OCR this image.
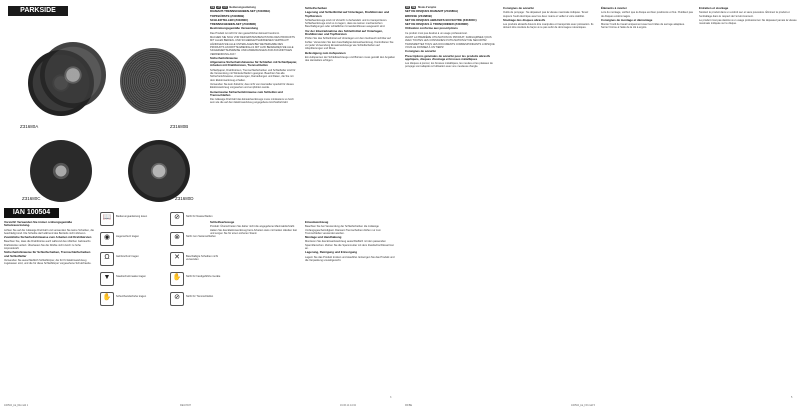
PARKSIDE
Z31680A	Z31680B
Z31680C	Z31680D
IAN 100504
DE AT CH Bedienungsanleitung
DIAMANT-TRENNSCHEIBEN-SET (Z31680A)
TOPFBÜRSTE (Z31680B)
SCHLEIFTELLER (Z31680C)
TRENNSCHEIBEN-SET (Z31680D)
Bestimmungsgemäße Verwendung

Das Produkt ist nicht für den gewerblichen Einsatz bestimmt.

MACHEN SIE SICH VOR DER ERSTEN BENUTZUNG DES PRODUKTS MIT ALLEN BEDIEN- UND SICHERHEITSHINWEISEN VERTRAUT! HÄNDIGEN SIE ALLE UNTERLAGEN BEI WEITERGABE DES PRODUKTS AN DRITTE EBENFALLS MIT AUS! BEWAHREN SIE ALLE SICHERHEITSHINWEISE UND ANWEISUNGEN ZUR ZUKÜNFTIGEN VERWENDUNG AUF!

Sicherheitshinweise
Allgemeine Sicherheitshinweise für Schleifen mit Schleifpapier, Arbeiten mit Drahtbürsten, Trennschleifen

Schleifpapier, Drahtbürsten, Trennschleifscheiben und Schleifteller sind für die Verwendung mit Winkelschleifern geeignet. Beachten Sie alle Sicherheitshinweise, Anweisungen, Darstellungen und Daten, die Sie mit dem Elektrowerkzeug erhalten.

Verwenden Sie kein Zubehör, das nicht vom Hersteller speziell für dieses Elektrowerkzeug vorgesehen und empfohlen wurde.

Gemeinsame Sicherheitshinweise zum Schleifen und Trennschleifen

Die zulässige Drehzahl des Einsatzwerkzeugs muss mindestens so hoch sein wie die auf dem Elektrowerkzeug angegebene Höchstdrehzahl.

Schleifscheiben
Lagerung und Schleifmittel auf Unterlagen, Drahtbürsten und Topfbürsten

Schleifwerkzeuge sind mit Vorsicht zu behandeln und zu transportieren. Schleifwerkzeuge sind so zu lagern, dass sie keinen mechanischen Beschädigungen oder schädlichen Umwelteinflüssen ausgesetzt sind.

Vor der Inbetriebnahme des Schleifmittel auf Unterlagen, Drahtbürsten und Topfbürsten

Prüfen Sie das Schleifmittel auf Unterlagen vor dem Gebrauch sichtbar auf Fehler. Verwenden Sie kein beschädigtes Einsatzwerkzeug. Kontrollieren Sie vor jeder Verwendung Einsatzwerkzeuge wie Schleifscheiben auf Absplitterungen und Risse.

Befestigung zum Aufspannen

Ein Aufspannen der Schleifwerkzeuge und Bürsten muss gemäß den Angaben des Herstellers erfolgen.

Vorsicht! Verwenden Sie immer ordnungsgemäße Schutzausrüstung.

Achten Sie auf die zulässige Drehzahl und verwenden Sie keine Scheiben, die beschädigt sind. Die Scheibe darf während des Betriebs nicht vibrieren.

Zusätzliche Sicherheitshinweise zum Arbeiten mit Drahtbürsten

Beachten Sie, dass die Drahtbürste auch während des üblichen Gebrauchs Drahtstücke verliert. Überlasten Sie die Drähte nicht durch zu hohe Anpresskraft.

Sicherheitshinweise für Schleifscheiben, Trennschleifscheiben und Schleifteller

Verwenden Sie ausschließlich Schleifkörper, die für Ihr Elektrowerkzeug zugelassen sind, und die für diese Schleifkörper vorgesehene Schutzhaube.

📖	Bedienungsanleitung lesen
◉	Augenschutz tragen
Ω	Gehörschutz tragen
▼	Staubschutzmaske tragen
✋	Schutzhandschuhe tragen
⊘	Nicht für Nassschleifen
⊗	Nicht zum Seitenschleifen
✕	Beschädigte Scheiben nicht verwenden
✋	Nicht für handgeführte Geräte
⊘	Nicht für Trennschleifen
Schleifwerkzeuge

Produkt: Überschreiten Sie daher nicht die angegebene Maximaldrehzahl. Halten Sie das Elektrowerkzeug beim Arbeiten stets mit beiden Händen fest und sorgen Sie für einen sicheren Stand.

Einsatzwerkzeug

Beachten Sie bei Verwendung der Schleifscheiben die zulässige Umfangsgeschwindigkeit. Diamant-Trennscheiben dürfen nur zum Trennschleifen verwendet werden.

Montage und Handhabung

Montieren Sie das Einsatzwerkzeug ausschließlich mit den passenden Spannflanschen. Ziehen Sie die Spannmutter mit dem Zweilochschlüssel fest an.

Lagerung, Reinigung und Entsorgung

Lagern Sie das Produkt trocken und staubfrei. Entsorgen Sie das Produkt und die Verpackung umweltgerecht.

100504_LE_DE.indd 1	16.06.14 14:32
DE/AT/CH
3
FR BE Mode d'emploi
SET DE DISQUES DIAMANT (Z31680A)
BROSSE (Z31680B)
SET DE DISQUES ABRASIFS EN FEUTRE (Z31680C)
SET DE DISQUES À TRONÇONNER (Z31680D)
Utilisation conforme aux prescriptions

Ce produit n'est pas destiné à un usage professionnel.

AVANT LA PREMIÈRE UTILISATION DU PRODUIT, FAMILIARISEZ-VOUS AVEC TOUTES LES CONSIGNES D'UTILISATION ET DE SÉCURITÉ! TRANSMETTEZ TOUS LES DOCUMENTS CORRESPONDANTS LORSQUE VOUS LE DONNEZ À UN TIERS!

Consignes de sécurité
Prescriptions générales de sécurité pour les produits abrasifs appliqués, disques d'usinage et brosses métalliques

Les disques à poncer, les brosses métalliques, les meules et les plateaux de ponçage sont adaptés à l'utilisation avec une meuleuse d'angle.

Consignes de sécurité

Outils de ponçage : Ne dépassez pas la vitesse maximale indiquée. Tenez toujours l'outil électrique avec les deux mains et veillez à votre stabilité.

Stockage des disques abrasifs

Les produits abrasifs doivent être manipulés et transportés avec précaution. Ils doivent être stockés de façon à ne pas subir de dommages mécaniques.

Éléments à monter

Lors du montage, vérifiez que le disque est bien positionné et fixé. N'utilisez pas de disques endommagés.

Consignes de montage et démontage

Montez l'outil de travail uniquement avec les brides de serrage adaptées. Serrez l'écrou à l'aide de la clé à ergots.

Entretien et stockage

Stockez le produit dans un endroit sec et sans poussière. Éliminez le produit et l'emballage dans le respect de l'environnement.

Le produit n'est pas destiné à un usage professionnel. Ne dépassez jamais la vitesse maximale indiquée sur le disque.

FR/BE	100504_LE_FR.indd 5
5
